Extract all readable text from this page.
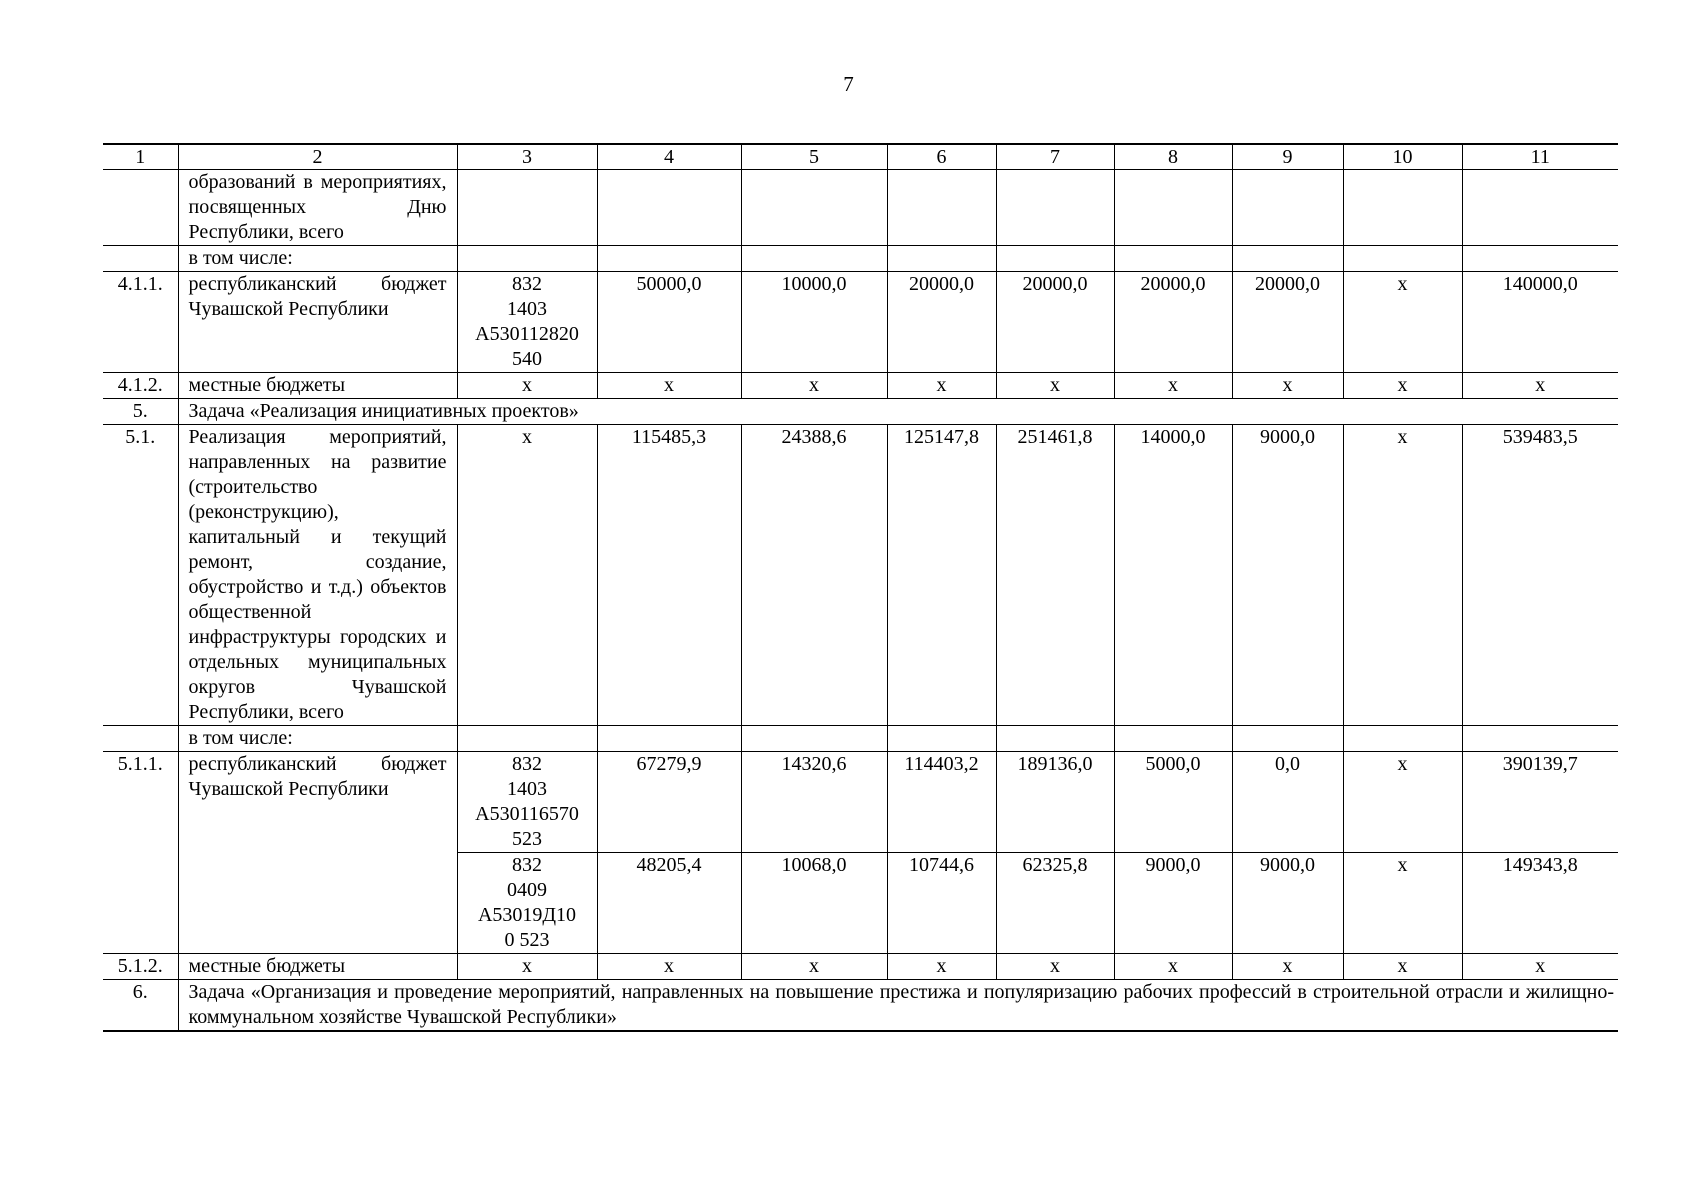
7
1	2	3	4	5	6	7	8	9	10	11
	образований в мероприятиях, посвященных Дню Республики, всего									
	в том числе:									
4.1.1.	республиканский бюджет Чувашской Республики	832
1403
А530112820
540	50000,0	10000,0	20000,0	20000,0	20000,0	20000,0	x	140000,0
4.1.2.	местные бюджеты	x	x	x	x	x	x	x	x	x
5.	Задача «Реализация инициативных проектов»									
5.1.	Реализация мероприятий, направленных на развитие (строительство (реконструкцию), капитальный и текущий ремонт, создание, обустройство и т.д.) объектов общественной инфраструктуры городских и отдельных муниципальных округов Чувашской Республики, всего	x	115485,3	24388,6	125147,8	251461,8	14000,0	9000,0	x	539483,5
	в том числе:									
5.1.1.	республиканский бюджет Чувашской Республики	832
1403
А530116570
523	67279,9	14320,6	114403,2	189136,0	5000,0	0,0	x	390139,7

		832
0409
А53019Д10
0 523	48205,4	10068,0	10744,6	62325,8	9000,0	9000,0	x	149343,8
5.1.2.	местные бюджеты	x	x	x	x	x	x	x	x	x
6.	Задача «Организация и проведение мероприятий, направленных на повышение престижа и популяризацию рабочих профессий в строительной отрасли и жилищно-коммунальном хозяйстве Чувашской Республики»									
